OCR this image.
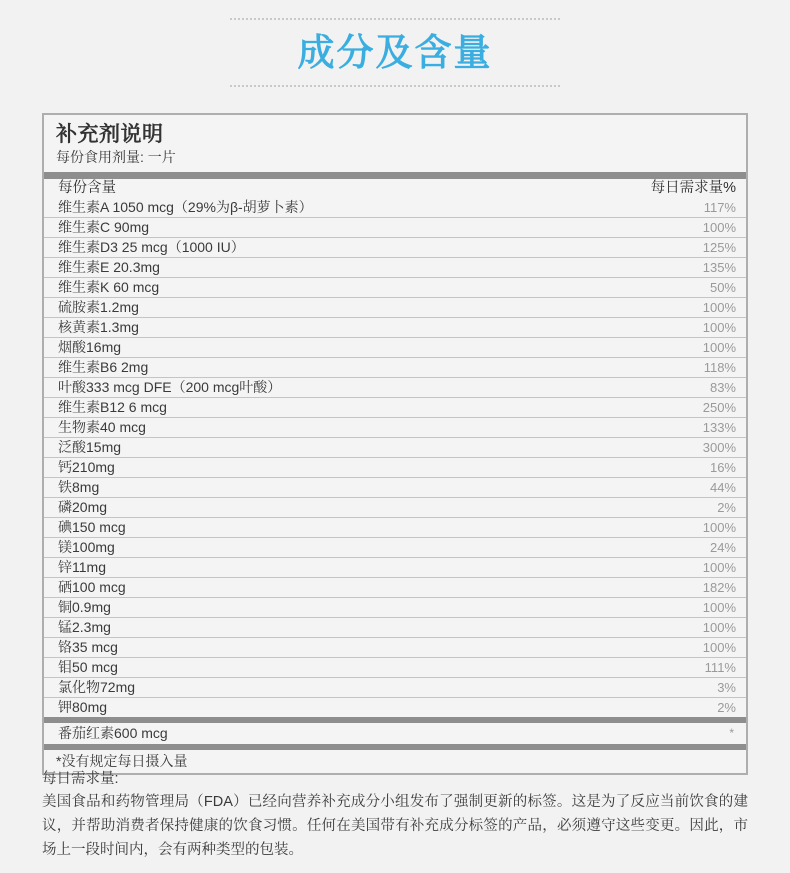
成分及含量
补充剂说明
每份食用剂量: 一片
每份含量	每日需求量%
维生素A 1050 mcg（29%为β-胡萝卜素）	117%
维生素C 90mg	100%
维生素D3 25 mcg（1000 IU）	125%
维生素E 20.3mg	135%
维生素K 60 mcg	50%
硫胺素1.2mg	100%
核黄素1.3mg	100%
烟酸16mg	100%
维生素B6 2mg	118%
叶酸333 mcg DFE（200 mcg叶酸）	83%
维生素B12 6 mcg	250%
生物素40 mcg	133%
泛酸15mg	300%
钙210mg	16%
铁8mg	44%
磷20mg	2%
碘150 mcg	100%
镁100mg	24%
锌11mg	100%
硒100 mcg	182%
铜0.9mg	100%
锰2.3mg	100%
铬35 mcg	100%
钼50 mcg	111%
氯化物72mg	3%
钾80mg	2%
番茄红素600 mcg	*
*没有规定每日摄入量
每日需求量:
美国食品和药物管理局（FDA）已经向营养补充成分小组发布了强制更新的标签。这是为了反应当前饮食的建议，并帮助消费者保持健康的饮食习惯。任何在美国带有补充成分标签的产品，必须遵守这些变更。因此，市场上一段时间内，会有两种类型的包装。
